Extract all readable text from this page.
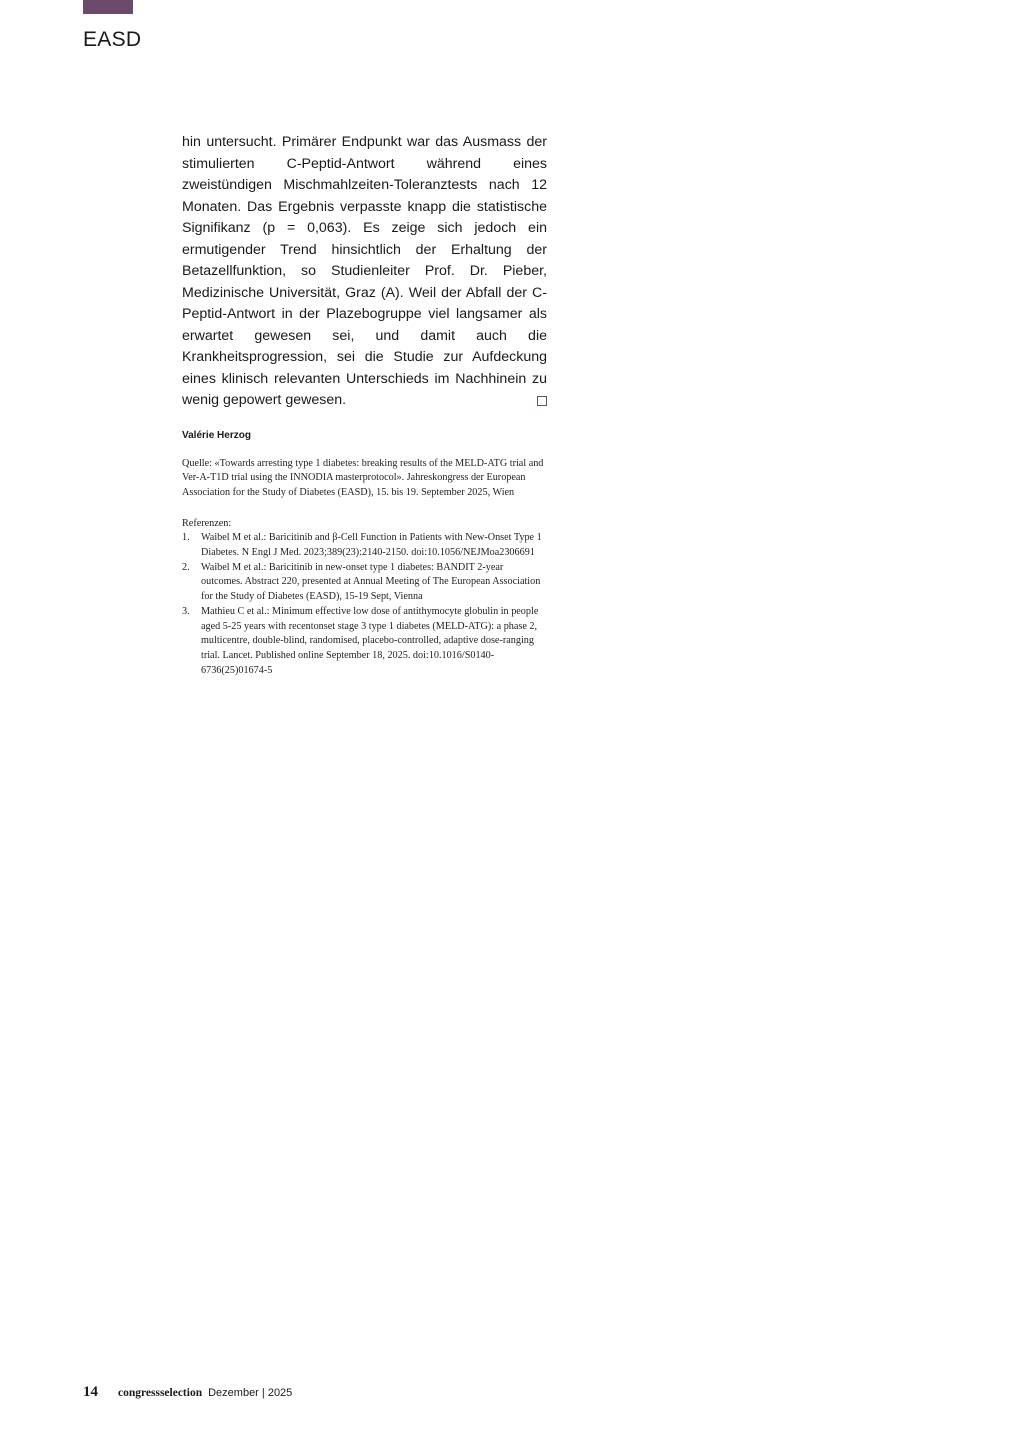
EASD

hin untersucht. Primärer Endpunkt war das Ausmass der stimulierten C-Peptid-Antwort während eines zweistündigen Mischmahlzeiten-Toleranztests nach 12 Monaten. Das Ergebnis verpasste knapp die statistische Signifikanz (p = 0,063). Es zeige sich jedoch ein ermutigender Trend hinsichtlich der Erhaltung der Betazellfunktion, so Studienleiter Prof. Dr. Pieber, Medizinische Universität, Graz (A). Weil der Abfall der C-Peptid-Antwort in der Plazebogruppe viel langsamer als erwartet gewesen sei, und damit auch die Krankheitsprogression, sei die Studie zur Aufdeckung eines klinisch relevanten Unterschieds im Nachhinein zu wenig gepowert gewesen.

Valérie Herzog
Quelle: «Towards arresting type 1 diabetes: breaking results of the MELD-ATG trial and Ver-A-T1D trial using the INNODIA masterprotocol». Jahreskongress der European Association for the Study of Diabetes (EASD), 15. bis 19. September 2025, Wien
Referenzen:
1.	Waibel M et al.: Baricitinib and β-Cell Function in Patients with New-Onset Type 1 Diabetes. N Engl J Med. 2023;389(23):2140-2150. doi:10.1056/NEJMoa2306691
2.	Waibel M et al.: Baricitinib in new-onset type 1 diabetes: BANDIT 2-year outcomes. Abstract 220, presented at Annual Meeting of The European Association for the Study of Diabetes (EASD), 15-19 Sept, Vienna
3.	Mathieu C et al.: Minimum effective low dose of antithymocyte globulin in people aged 5-25 years with recentonset stage 3 type 1 diabetes (MELD-ATG): a phase 2, multicentre, double-blind, randomised, placebo-controlled, adaptive dose-ranging trial. Lancet. Published online September 18, 2025. doi:10.1016/S0140-6736(25)01674-5
14 congressselection Dezember | 2025
